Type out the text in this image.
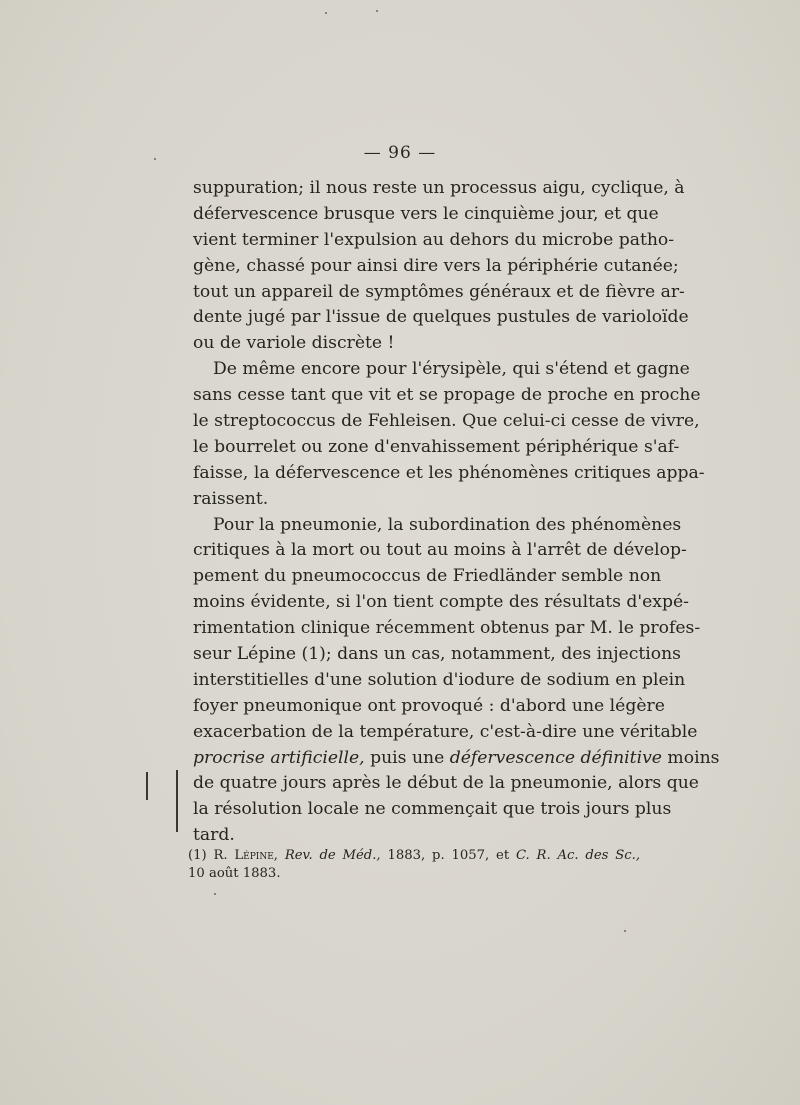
— 96 —
suppuration; il nous reste un processus aigu, cyclique, à
défervescence brusque vers le cinquième jour, et que
vient terminer l'expulsion au dehors du microbe patho-
gène, chassé pour ainsi dire vers la périphérie cutanée;
tout un appareil de symptômes généraux et de fièvre ar-
dente jugé par l'issue de quelques pustules de varioloïde
ou de variole discrète !
De même encore pour l'érysipèle, qui s'étend et gagne
sans cesse tant que vit et se propage de proche en proche
le streptococcus de Fehleisen. Que celui-ci cesse de vivre,
le bourrelet ou zone d'envahissement périphérique s'af-
faisse, la défervescence et les phénomènes critiques appa-
raissent.
Pour la pneumonie, la subordination des phénomènes
critiques à la mort ou tout au moins à l'arrêt de dévelop-
pement du pneumococcus de Friedländer semble non
moins évidente, si l'on tient compte des résultats d'expé-
rimentation clinique récemment obtenus par M. le profes-
seur Lépine (1); dans un cas, notamment, des injections
interstitielles d'une solution d'iodure de sodium en plein
foyer pneumonique ont provoqué : d'abord une légère
exacerbation de la température, c'est-à-dire une véritable
procrise artificielle, puis une défervescence définitive moins
de quatre jours après le début de la pneumonie, alors que
la résolution locale ne commençait que trois jours plus
tard.
(1) R. Lépine, Rev. de Méd., 1883, p. 1057, et C. R. Ac. des Sc.,
10 août 1883.
